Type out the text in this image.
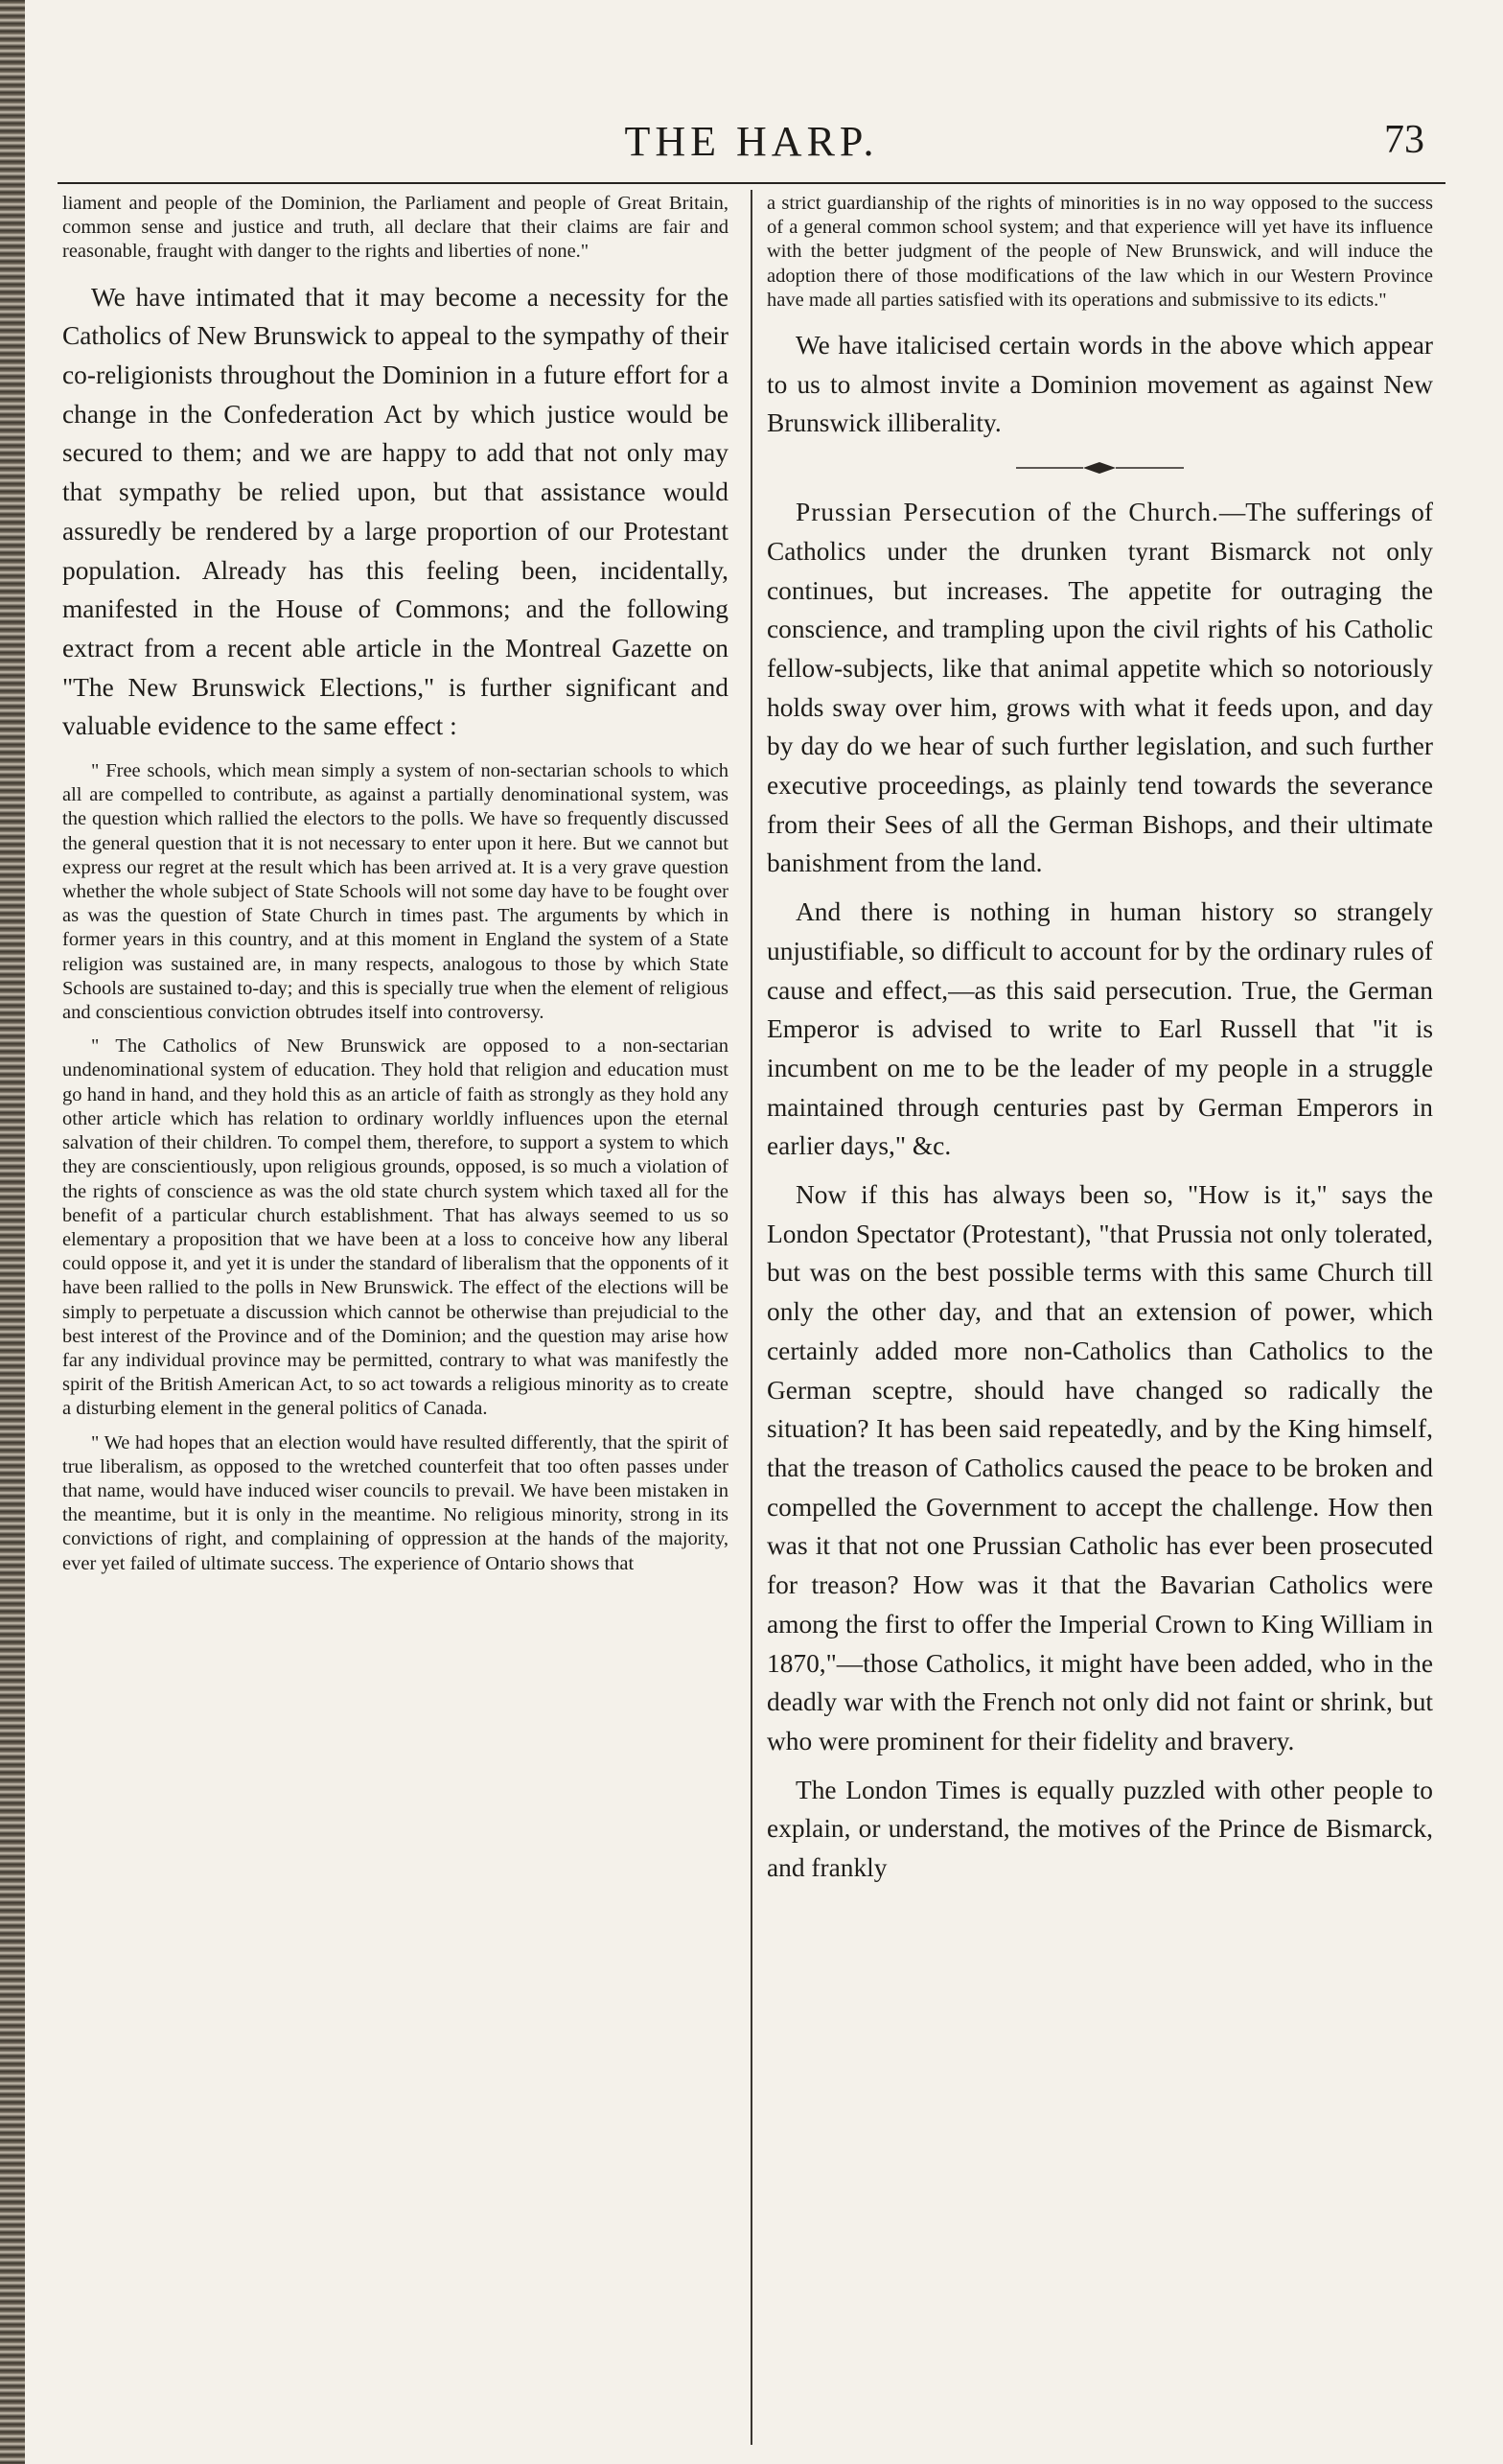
THE HARP.	73

liament and people of the Dominion, the Parliament and people of Great Britain, common sense and justice and truth, all declare that their claims are fair and reasonable, fraught with danger to the rights and liberties of none."

We have intimated that it may become a necessity for the Catholics of New Brunswick to appeal to the sympathy of their co-religionists throughout the Dominion in a future effort for a change in the Confederation Act by which justice would be secured to them; and we are happy to add that not only may that sympathy be relied upon, but that assistance would assuredly be rendered by a large proportion of our Protestant population. Already has this feeling been, incidentally, manifested in the House of Commons; and the following extract from a recent able article in the Montreal Gazette on "The New Brunswick Elections," is further significant and valuable evidence to the same effect :

" Free schools, which mean simply a system of non-sectarian schools to which all are compelled to contribute, as against a partially denominational system, was the question which rallied the electors to the polls. We have so frequently discussed the general question that it is not necessary to enter upon it here. But we cannot but express our regret at the result which has been arrived at. It is a very grave question whether the whole subject of State Schools will not some day have to be fought over as was the question of State Church in times past. The arguments by which in former years in this country, and at this moment in England the system of a State religion was sustained are, in many respects, analogous to those by which State Schools are sustained to-day; and this is specially true when the element of religious and conscientious conviction obtrudes itself into controversy.

" The Catholics of New Brunswick are opposed to a non-sectarian undenominational system of education. They hold that religion and education must go hand in hand, and they hold this as an article of faith as strongly as they hold any other article which has relation to ordinary worldly influences upon the eternal salvation of their children. To compel them, therefore, to support a system to which they are conscientiously, upon religious grounds, opposed, is so much a violation of the rights of conscience as was the old state church system which taxed all for the benefit of a particular church establishment. That has always seemed to us so elementary a proposition that we have been at a loss to conceive how any liberal could oppose it, and yet it is under the standard of liberalism that the opponents of it have been rallied to the polls in New Brunswick. The effect of the elections will be simply to perpetuate a discussion which cannot be otherwise than prejudicial to the best interest of the Province and of the Dominion; and the question may arise how far any individual province may be permitted, contrary to what was manifestly the spirit of the British American Act, to so act towards a religious minority as to create a disturbing element in the general politics of Canada.

" We had hopes that an election would have resulted differently, that the spirit of true liberalism, as opposed to the wretched counterfeit that too often passes under that name, would have induced wiser councils to prevail. We have been mistaken in the meantime, but it is only in the meantime. No religious minority, strong in its convictions of right, and complaining of oppression at the hands of the majority, ever yet failed of ultimate success. The experience of Ontario shows that

a strict guardianship of the rights of minorities is in no way opposed to the success of a general common school system; and that experience will yet have its influence with the better judgment of the people of New Brunswick, and will induce the adoption there of those modifications of the law which in our Western Province have made all parties satisfied with its operations and submissive to its edicts."

We have italicised certain words in the above which appear to us to almost invite a Dominion movement as against New Brunswick illiberality.

Prussian Persecution of the Church.—The sufferings of Catholics under the drunken tyrant Bismarck not only continues, but increases. The appetite for outraging the conscience, and trampling upon the civil rights of his Catholic fellow-subjects, like that animal appetite which so notoriously holds sway over him, grows with what it feeds upon, and day by day do we hear of such further legislation, and such further executive proceedings, as plainly tend towards the severance from their Sees of all the German Bishops, and their ultimate banishment from the land.

And there is nothing in human history so strangely unjustifiable, so difficult to account for by the ordinary rules of cause and effect,—as this said persecution. True, the German Emperor is advised to write to Earl Russell that "it is incumbent on me to be the leader of my people in a struggle maintained through centuries past by German Emperors in earlier days," &c.

Now if this has always been so, "How is it," says the London Spectator (Protestant), "that Prussia not only tolerated, but was on the best possible terms with this same Church till only the other day, and that an extension of power, which certainly added more non-Catholics than Catholics to the German sceptre, should have changed so radically the situation? It has been said repeatedly, and by the King himself, that the treason of Catholics caused the peace to be broken and compelled the Government to accept the challenge. How then was it that not one Prussian Catholic has ever been prosecuted for treason? How was it that the Bavarian Catholics were among the first to offer the Imperial Crown to King William in 1870,"—those Catholics, it might have been added, who in the deadly war with the French not only did not faint or shrink, but who were prominent for their fidelity and bravery.

The London Times is equally puzzled with other people to explain, or understand, the motives of the Prince de Bismarck, and frankly
